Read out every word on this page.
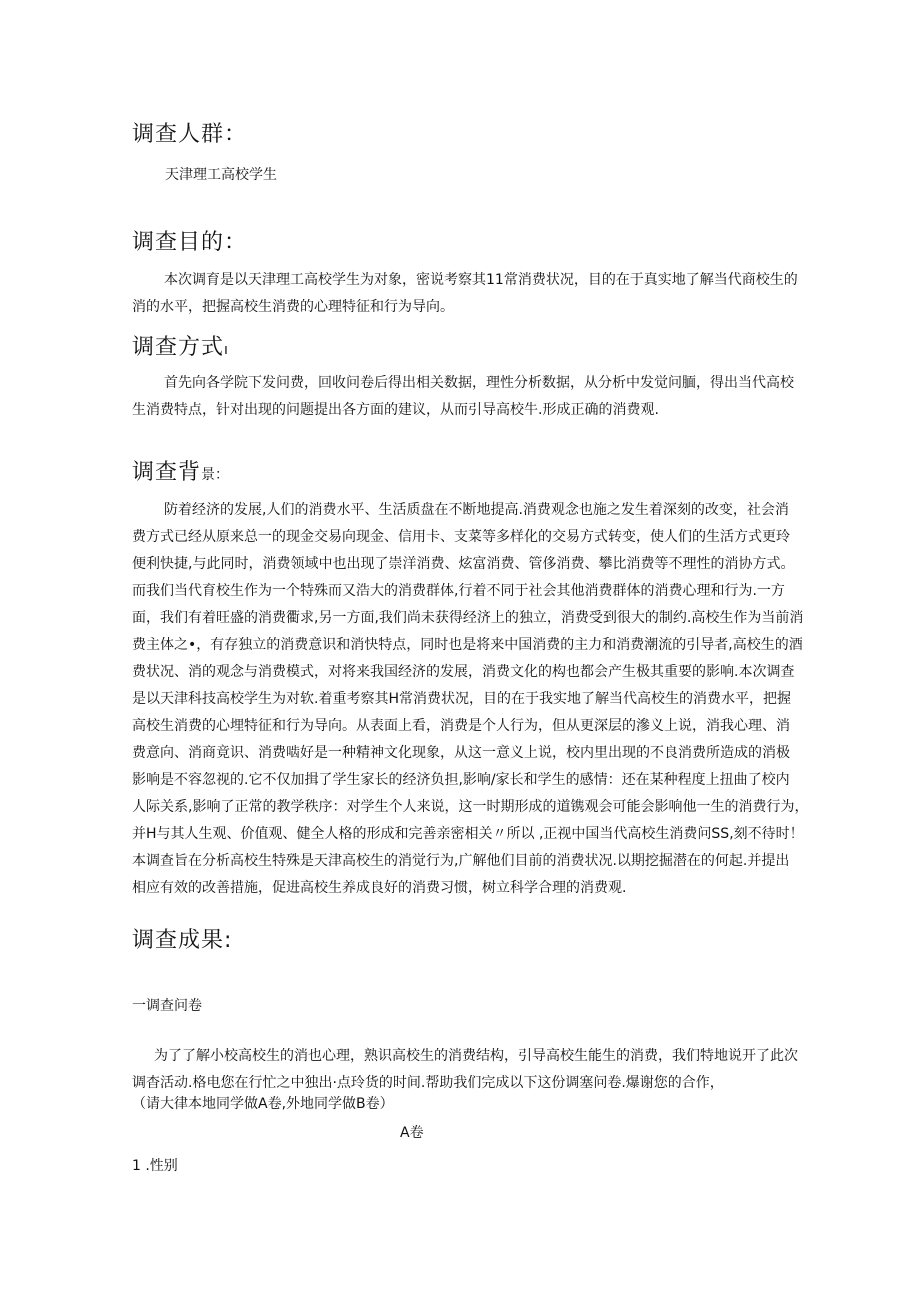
调查人群：

天津理工高校学生

调查目的：
本次调育是以天津理工高校学生为对象，密说考察其11常消费状况，目的在于真实地了解当代商校生的
消的水平，把握高校生消费的心理特征和行为导向。
调查方式ı
首先向各学院下发问费，回收问卷后得出相关数据，理性分析数据，从分析中发觉问腼，得出当代高校
生消费特点，针对出现的问题提出各方面的建议，从而引导高校牛.形成正确的消费观.
调查背景：
防着经济的发展,人们的消费水平、生活质盘在不断地提高.消费观念也施之发生着深刻的改变，社会消
费方式已经从原来总一的现金交易向现金、信用卡、支菜等多样化的交易方式转变，使人们的生活方式更玲
便利快捷,与此同时，消费领域中也出现了崇洋消费、炫富消费、管侈消费、攀比消费等不理性的消协方式。
而我们当代育校生作为一个特殊而又浩大的消费群体,行着不同于社会其他消费群体的消费心理和行为.一方
面，我们有着旺盛的消费衢求,另一方面,我们尚未获得经济上的独立，消费受到很大的制约.高校生作为当前消
费主体之•，有存独立的消费意识和消快特点，同时也是将来中国消费的主力和消费潮流的引导者,高校生的酒
费状况、消的观念与消费模式，对将来我国经济的发展，消费文化的构也都会产生极其重要的影响.本次调查
是以天津科技高校学生为对软.着重考察其H常消费状况，目的在于我实地了解当代高校生的消费水平，把握
高校生消费的心埋特征和行为导向。从表面上看，消费是个人行为，但从更深层的滲义上说，消我心理、消
费意向、消商竟识、消费啮好是一种精神文化现象，从这一意义上说，校内里出现的不良消费所造成的消极
影响是不容忽视的.它不仅加揖了学生家长的经济负担,影响/家长和学生的感情：还在某种程度上扭曲了校内
人际关系,影响了正常的教学秩序：对学生个人来说，这一时期形成的道镌观会可能会影响他一生的消费行为，
并H与其人生观、价值观、健全人格的形成和完善亲密相关〃所以 ,正视中国当代高校生消费问SS,刻不待时！
本调查旨在分析高校生特殊是天津高校生的消觉行为,广解他们目前的消费状况.以期挖掘潜在的何起.并提出
相应有效的改善措施，促进高校生养成良好的消费习惯，树立科学合理的消费观.
调查成果:

一调查问卷

为了了解小校高校生的消也心理，熟识高校生的消费结构，引导高校生能生的消费，我们特地说开了此次
调杳活动.格电您在行忙之中独出·点玲货的时间.帮助我们完成以下这份调塞问卷.爆谢您的合作，

（请大律本地同学做A卷,外地同学做B卷）

A卷

1 .性别
